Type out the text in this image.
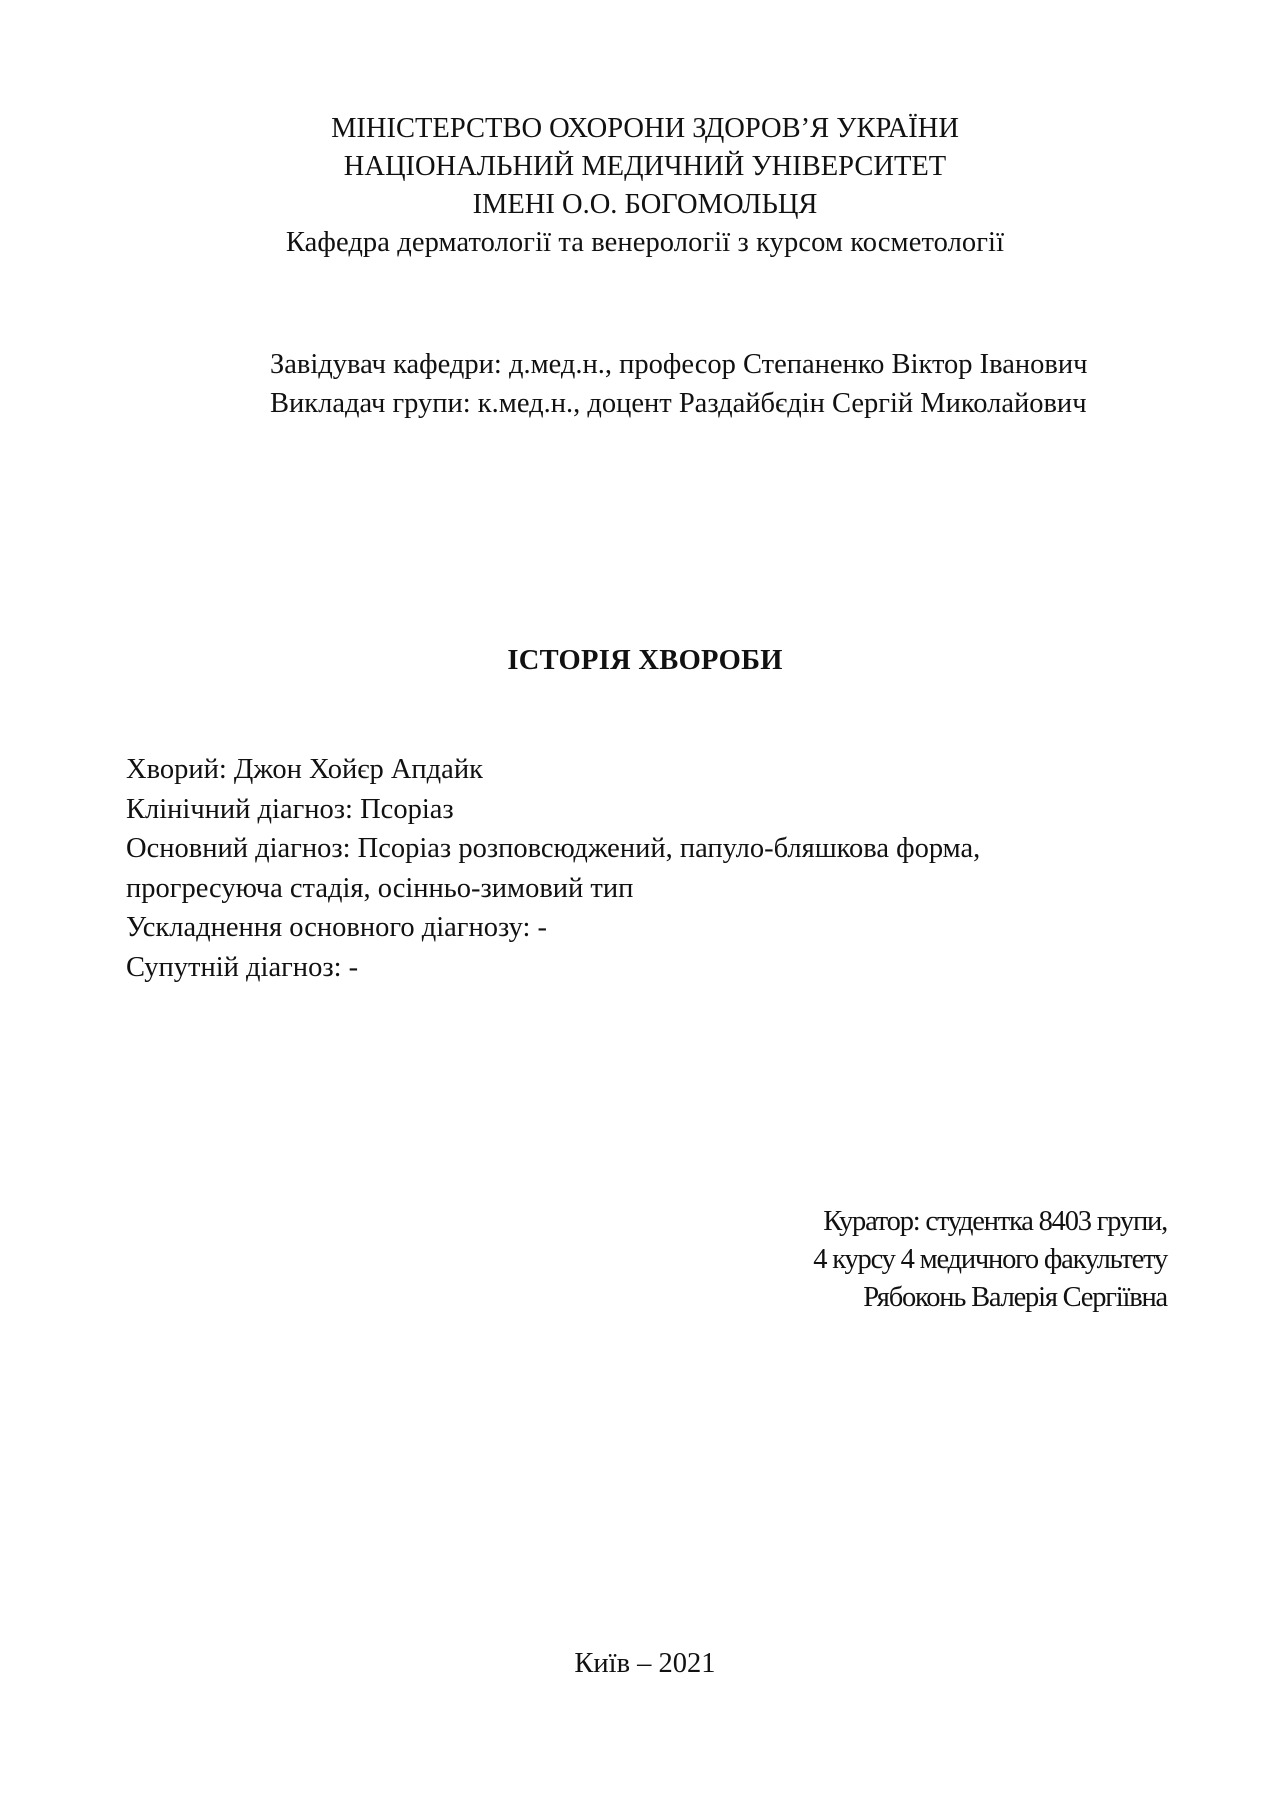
МІНІСТЕРСТВО ОХОРОНИ ЗДОРОВ’Я УКРАЇНИ
НАЦІОНАЛЬНИЙ МЕДИЧНИЙ УНІВЕРСИТЕТ
ІМЕНІ О.О. БОГОМОЛЬЦЯ
Кафедра дерматології та венерології з курсом косметології
Завідувач кафедри: д.мед.н., професор Степаненко Віктор Іванович
Викладач групи: к.мед.н., доцент Раздайбєдін Сергій Миколайович
ІСТОРІЯ ХВОРОБИ
Хворий: Джон Хойєр Апдайк
Клінічний діагноз: Псоріаз
Основний діагноз: Псоріаз розповсюджений, папуло-бляшкова форма,
прогресуюча стадія, осінньо-зимовий тип
Ускладнення основного діагнозу: -
Супутній діагноз: -
Куратор: студентка 8403 групи,
4 курсу 4 медичного факультету
Рябоконь Валерія Сергіївна
Київ – 2021
